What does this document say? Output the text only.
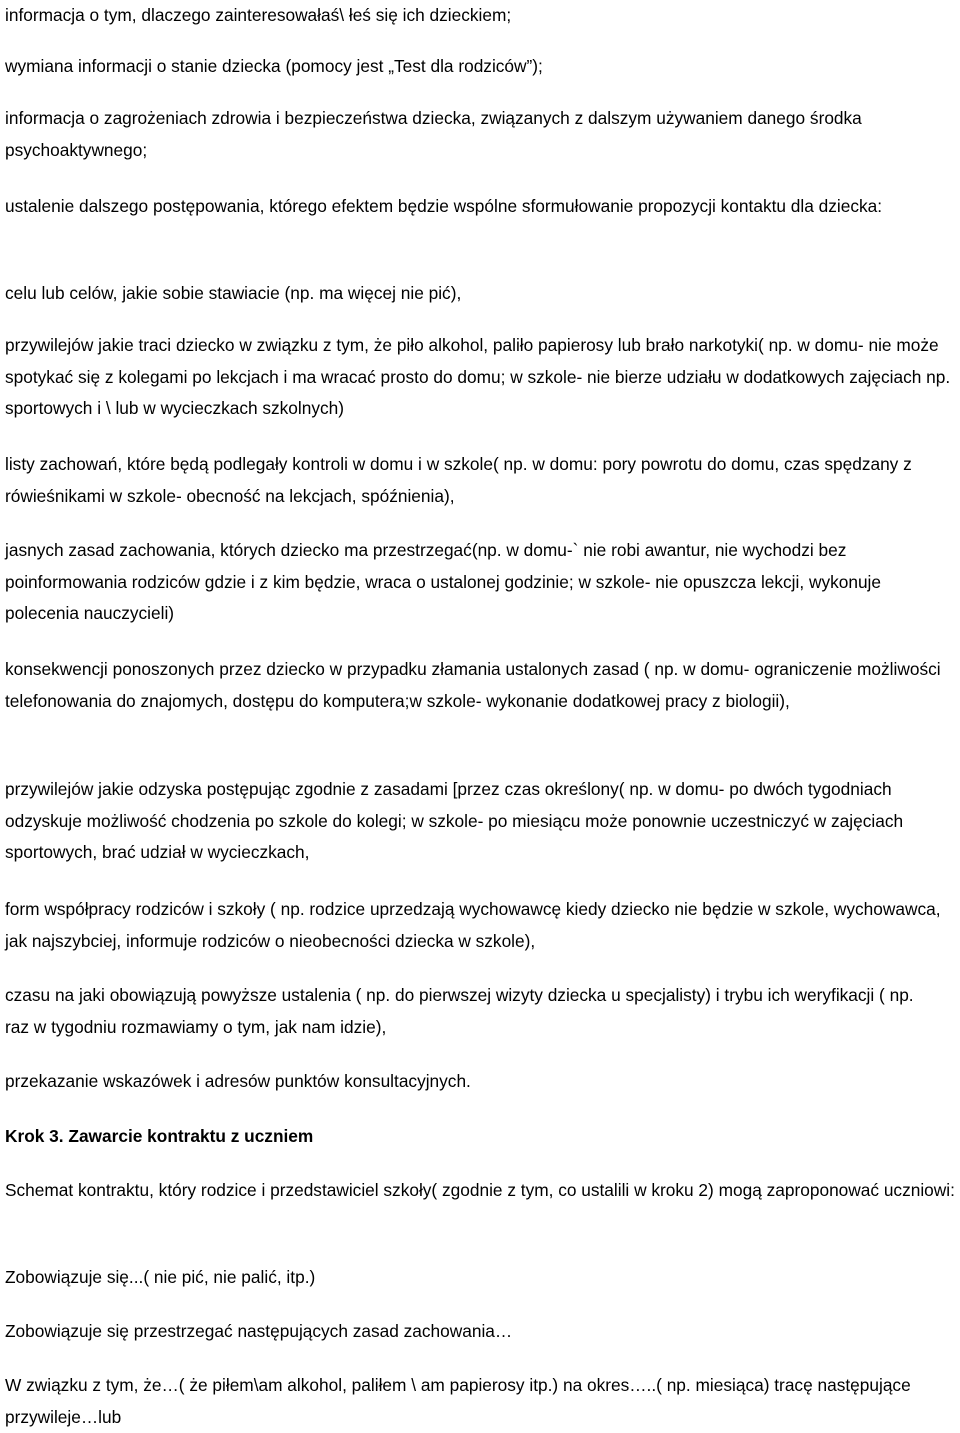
informacja o tym, dlaczego zainteresowałaś\ łeś się ich dzieckiem;

wymiana informacji o stanie dziecka (pomocy jest „Test dla rodziców”);

informacja o zagrożeniach zdrowia i bezpieczeństwa dziecka, związanych z dalszym używaniem danego środka psychoaktywnego;

ustalenie dalszego postępowania, którego efektem będzie wspólne sformułowanie propozycji kontaktu dla dziecka:

celu lub celów, jakie sobie stawiacie (np. ma więcej nie pić),

przywilejów jakie traci dziecko w związku z tym, że piło alkohol, paliło papierosy lub brało narkotyki( np. w domu- nie może spotykać się z kolegami po lekcjach i ma wracać prosto do domu; w szkole- nie bierze udziału w dodatkowych zajęciach np. sportowych i \ lub w wycieczkach szkolnych)

listy zachowań, które będą podlegały kontroli w domu i w szkole( np. w domu: pory powrotu do domu, czas spędzany z rówieśnikami w szkole- obecność na lekcjach, spóźnienia),

jasnych zasad zachowania, których dziecko ma przestrzegać(np. w domu-` nie robi awantur, nie wychodzi bez poinformowania rodziców gdzie i z kim będzie, wraca o ustalonej godzinie; w szkole- nie opuszcza lekcji, wykonuje polecenia nauczycieli)

konsekwencji ponoszonych przez dziecko w przypadku złamania ustalonych zasad ( np. w domu- ograniczenie możliwości telefonowania do znajomych, dostępu do komputera;w szkole- wykonanie dodatkowej pracy z biologii),

przywilejów jakie odzyska postępując zgodnie z zasadami [przez czas określony( np. w domu- po dwóch tygodniach odzyskuje możliwość chodzenia po szkole do kolegi; w szkole- po miesiącu może ponownie uczestniczyć w zajęciach sportowych, brać udział w wycieczkach,

form współpracy rodziców i szkoły ( np. rodzice uprzedzają wychowawcę kiedy dziecko nie będzie w szkole, wychowawca, jak najszybciej, informuje rodziców o nieobecności dziecka w szkole),

czasu na jaki obowiązują powyższe ustalenia ( np. do pierwszej wizyty dziecka u specjalisty) i trybu ich weryfikacji ( np. raz w tygodniu rozmawiamy o tym, jak nam idzie),

przekazanie wskazówek i adresów punktów konsultacyjnych.

Krok 3. Zawarcie kontraktu z uczniem

Schemat kontraktu, który rodzice i przedstawiciel szkoły( zgodnie z tym, co ustalili w kroku 2) mogą zaproponować uczniowi:

Zobowiązuje się...( nie pić, nie palić, itp.)

Zobowiązuje się przestrzegać następujących zasad zachowania…

W związku z tym, że…( że piłem\am alkohol, paliłem \ am papierosy itp.) na okres…..( np. miesiąca) tracę następujące przywileje…lub
